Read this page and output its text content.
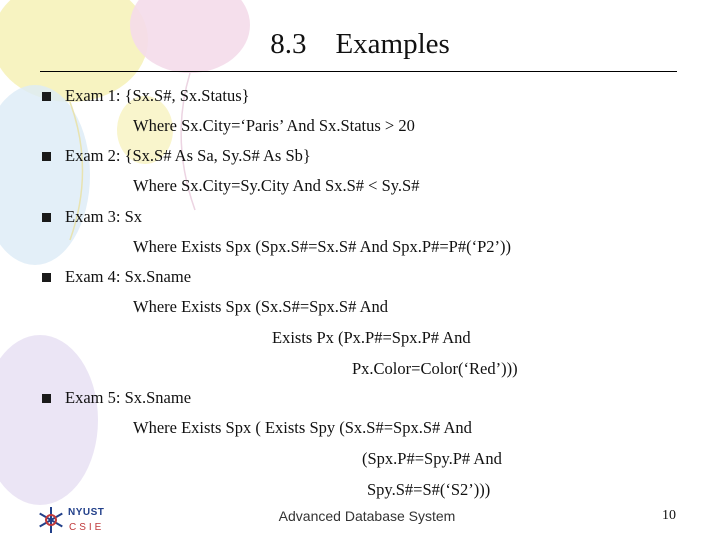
8.3    Examples
Exam 1: {Sx.S#, Sx.Status}
Where Sx.City=‘Paris’ And Sx.Status > 20
Exam 2: {Sx.S# As Sa, Sy.S# As Sb}
Where Sx.City=Sy.City And Sx.S# < Sy.S#
Exam 3: Sx
Where Exists Spx (Spx.S#=Sx.S# And Spx.P#=P#(‘P2’))
Exam 4: Sx.Sname
Where Exists Spx (Sx.S#=Spx.S# And
Exists Px (Px.P#=Spx.P# And
Px.Color=Color(‘Red’)))
Exam 5: Sx.Sname
Where Exists Spx ( Exists Spy (Sx.S#=Spx.S# And
(Spx.P#=Spy.P# And
Spy.S#=S#(‘S2’)))
NYUST
CSIE
Advanced Database System	10
